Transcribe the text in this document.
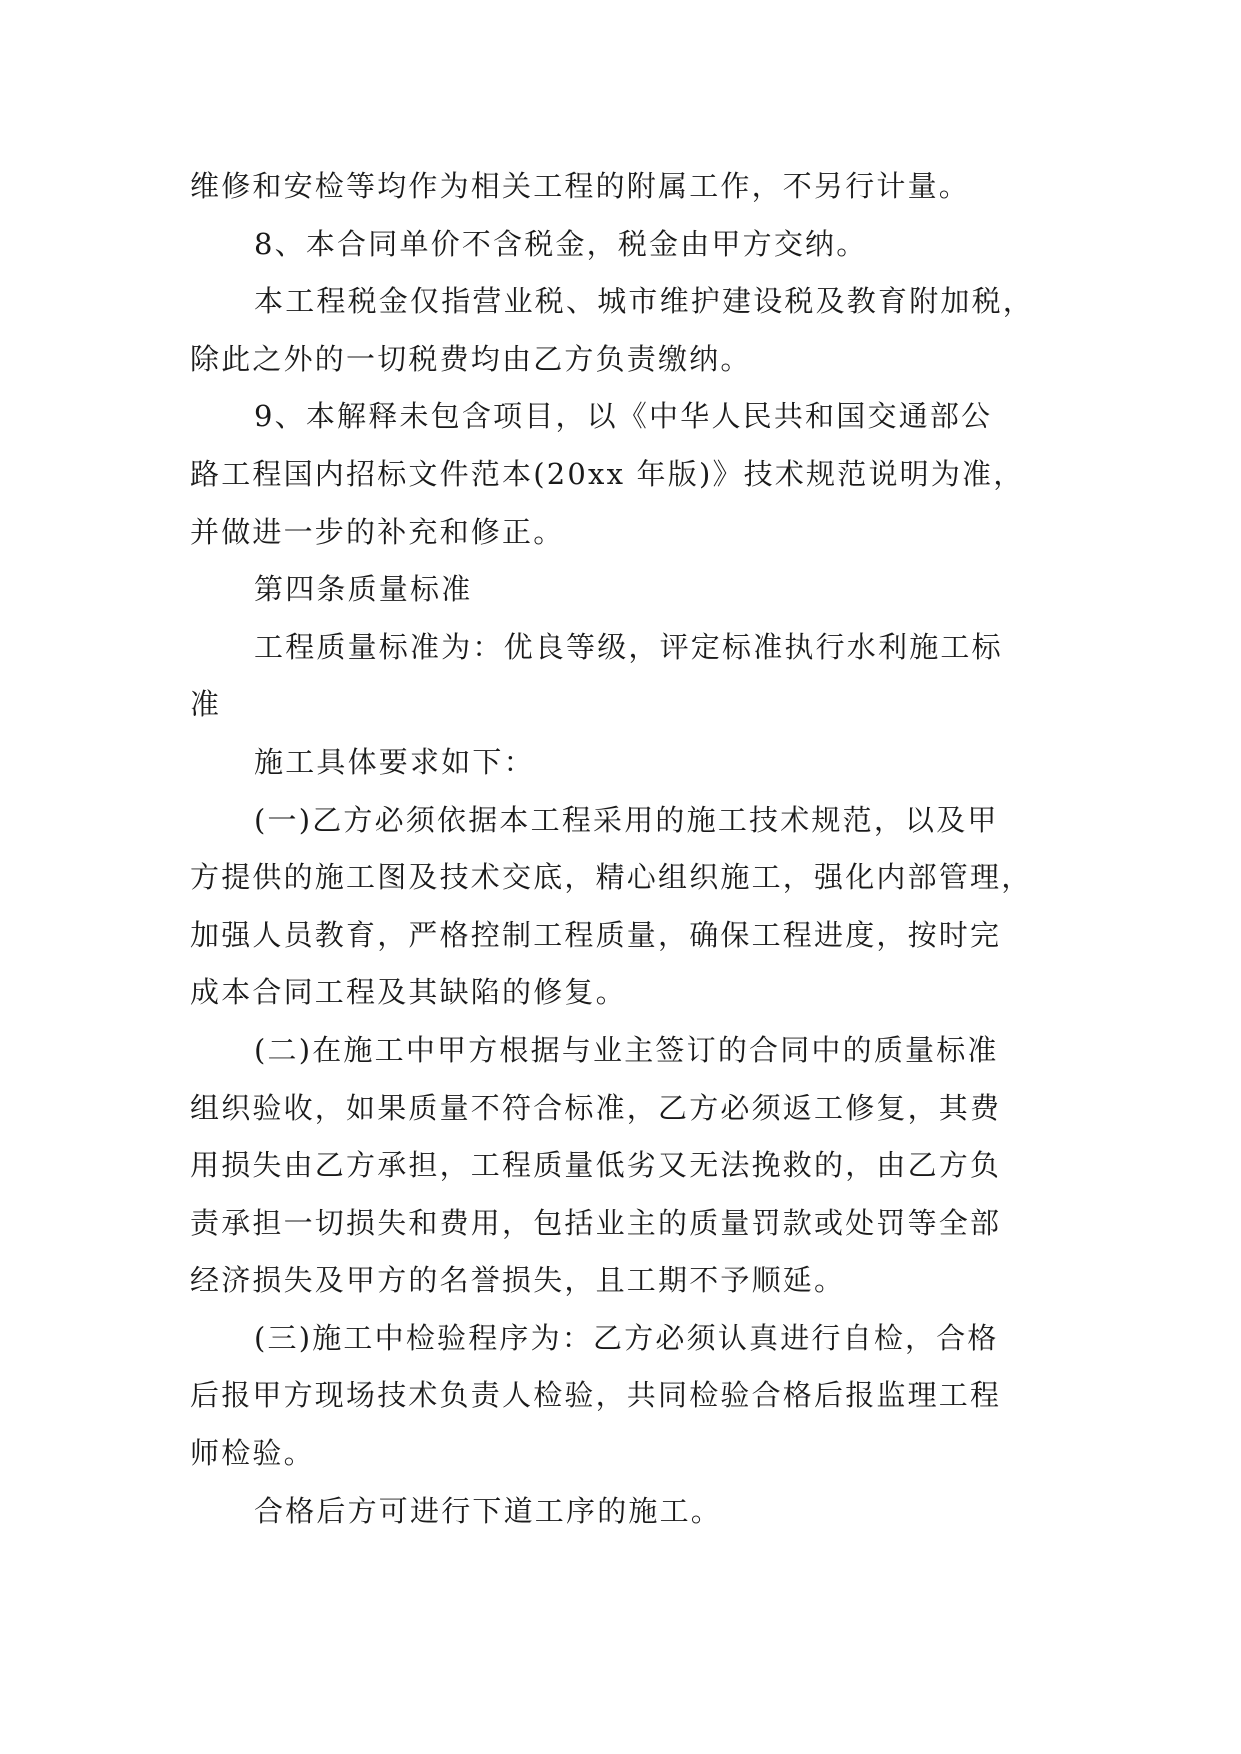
维修和安检等均作为相关工程的附属工作，不另行计量。
8、本合同单价不含税金，税金由甲方交纳。
本工程税金仅指营业税、城市维护建设税及教育附加税，
除此之外的一切税费均由乙方负责缴纳。
9、本解释未包含项目，以《中华人民共和国交通部公
路工程国内招标文件范本(20xx 年版)》技术规范说明为准，
并做进一步的补充和修正。
第四条质量标准
工程质量标准为：优良等级，评定标准执行水利施工标
准
施工具体要求如下：
(一)乙方必须依据本工程采用的施工技术规范，以及甲
方提供的施工图及技术交底，精心组织施工，强化内部管理，
加强人员教育，严格控制工程质量，确保工程进度，按时完
成本合同工程及其缺陷的修复。
(二)在施工中甲方根据与业主签订的合同中的质量标准
组织验收，如果质量不符合标准，乙方必须返工修复，其费
用损失由乙方承担，工程质量低劣又无法挽救的，由乙方负
责承担一切损失和费用，包括业主的质量罚款或处罚等全部
经济损失及甲方的名誉损失，且工期不予顺延。
(三)施工中检验程序为：乙方必须认真进行自检，合格
后报甲方现场技术负责人检验，共同检验合格后报监理工程
师检验。
合格后方可进行下道工序的施工。
